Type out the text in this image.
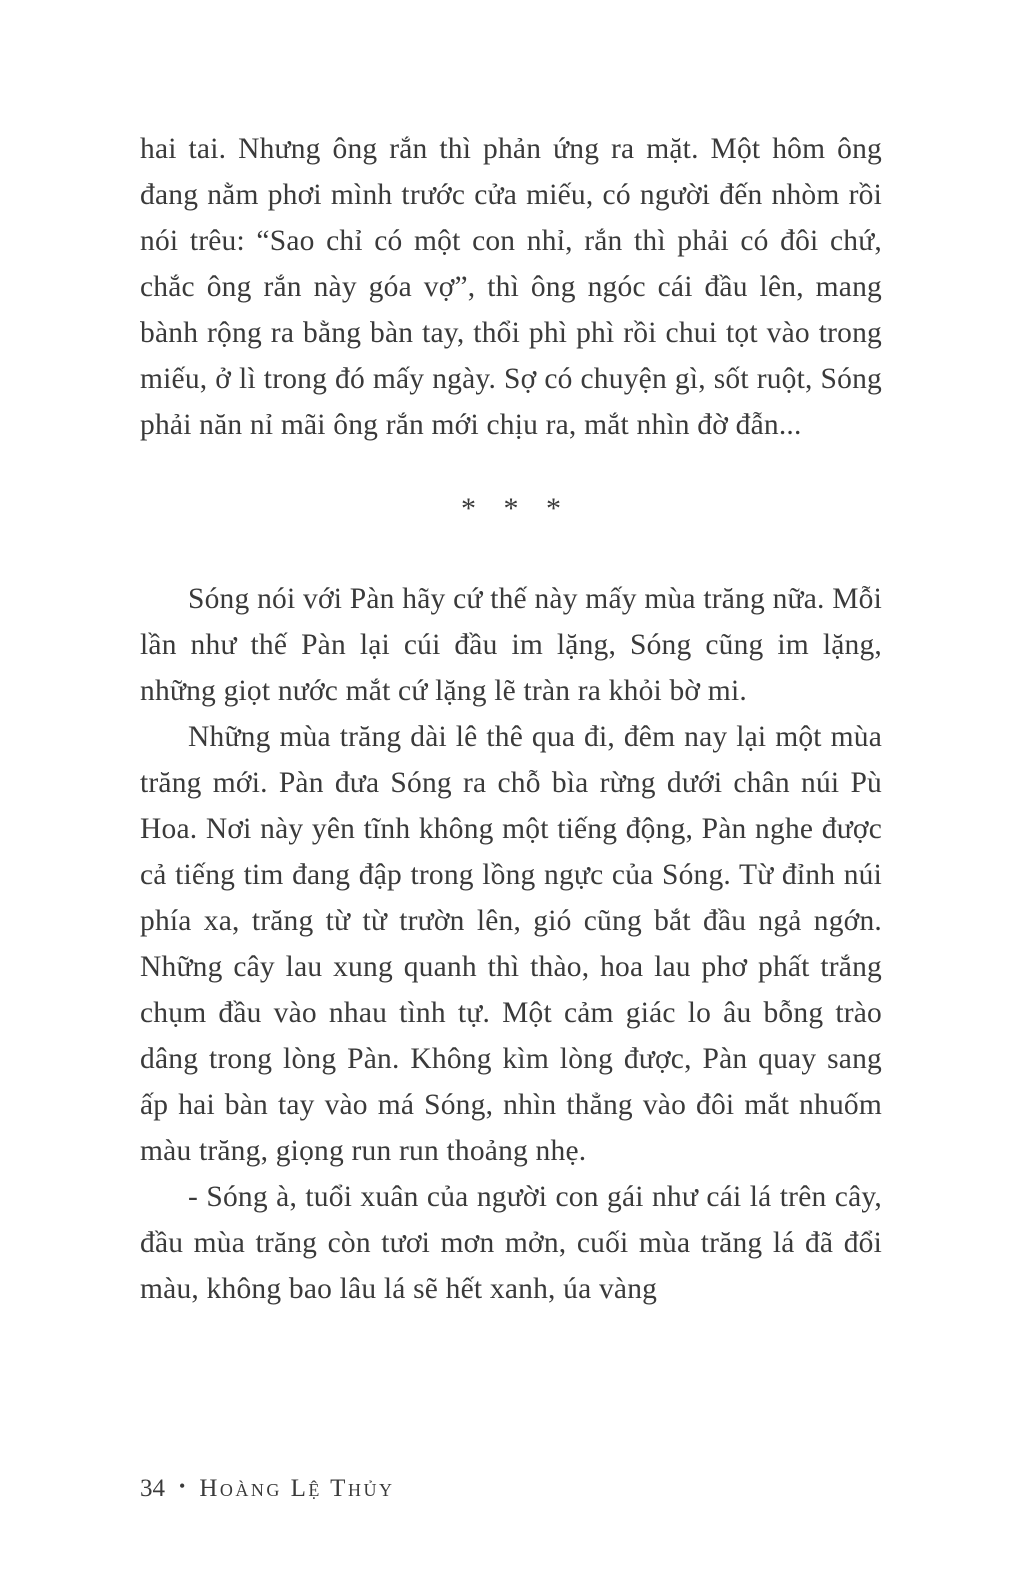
hai tai. Nhưng ông rắn thì phản ứng ra mặt. Một hôm ông đang nằm phơi mình trước cửa miếu, có người đến nhòm rồi nói trêu: “Sao chỉ có một con nhỉ, rắn thì phải có đôi chứ, chắc ông rắn này góa vợ”, thì ông ngóc cái đầu lên, mang bành rộng ra bằng bàn tay, thổi phì phì rồi chui tọt vào trong miếu, ở lì trong đó mấy ngày. Sợ có chuyện gì, sốt ruột, Sóng phải năn nỉ mãi ông rắn mới chịu ra, mắt nhìn đờ đẫn...

* * *

Sóng nói với Pàn hãy cứ thế này mấy mùa trăng nữa. Mỗi lần như thế Pàn lại cúi đầu im lặng, Sóng cũng im lặng, những giọt nước mắt cứ lặng lẽ tràn ra khỏi bờ mi.

Những mùa trăng dài lê thê qua đi, đêm nay lại một mùa trăng mới. Pàn đưa Sóng ra chỗ bìa rừng dưới chân núi Pù Hoa. Nơi này yên tĩnh không một tiếng động, Pàn nghe được cả tiếng tim đang đập trong lồng ngực của Sóng. Từ đỉnh núi phía xa, trăng từ từ trườn lên, gió cũng bắt đầu ngả ngớn. Những cây lau xung quanh thì thào, hoa lau phơ phất trắng chụm đầu vào nhau tình tự. Một cảm giác lo âu bỗng trào dâng trong lòng Pàn. Không kìm lòng được, Pàn quay sang ấp hai bàn tay vào má Sóng, nhìn thẳng vào đôi mắt nhuốm màu trăng, giọng run run thoảng nhẹ.

- Sóng à, tuổi xuân của người con gái như cái lá trên cây, đầu mùa trăng còn tươi mơn mởn, cuối mùa trăng lá đã đổi màu, không bao lâu lá sẽ hết xanh, úa vàng

34 • Hoàng Lệ Thủy
